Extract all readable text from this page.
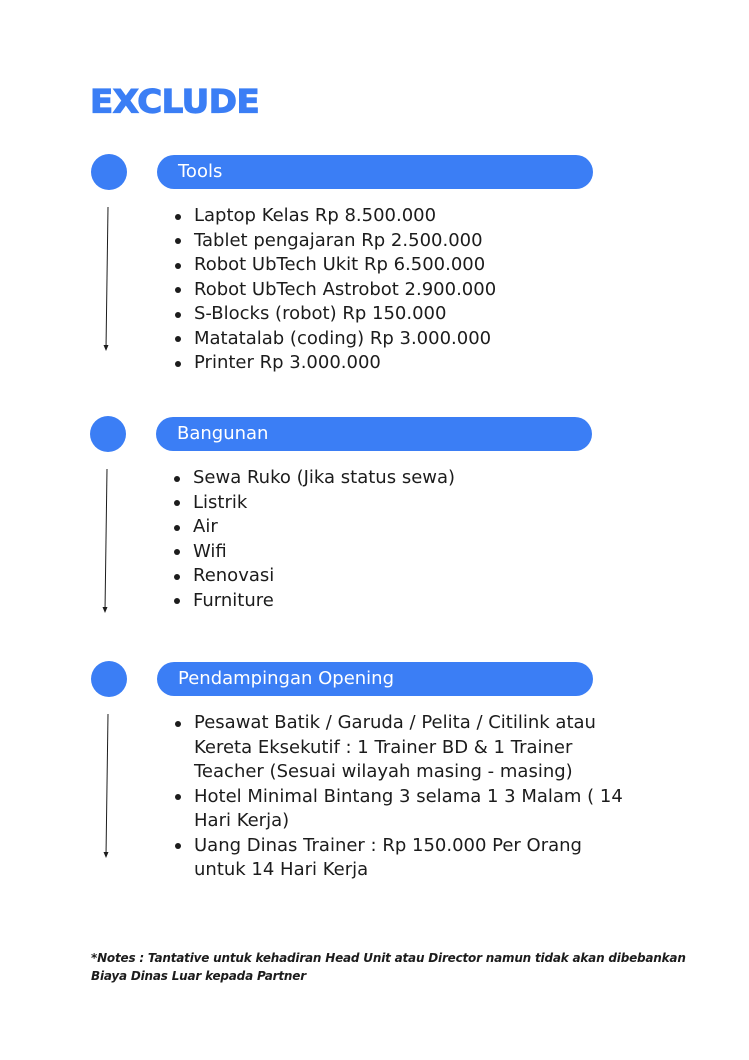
EXCLUDE
Tools
Laptop Kelas Rp 8.500.000
Tablet pengajaran Rp 2.500.000
Robot UbTech Ukit Rp 6.500.000
Robot UbTech Astrobot 2.900.000
S-Blocks (robot) Rp 150.000
Matatalab (coding) Rp 3.000.000
Printer Rp 3.000.000
Bangunan
Sewa Ruko (Jika status sewa)
Listrik
Air
Wifi
Renovasi
Furniture
Pendampingan Opening
Pesawat Batik / Garuda / Pelita / Citilink atau Kereta Eksekutif : 1 Trainer BD & 1 Trainer Teacher (Sesuai wilayah masing - masing)
Hotel Minimal Bintang 3 selama 1 3 Malam ( 14 Hari Kerja)
Uang Dinas Trainer : Rp 150.000 Per Orang untuk 14 Hari Kerja
*Notes : Tantative untuk kehadiran Head Unit atau Director namun tidak akan dibebankan Biaya Dinas Luar kepada Partner
